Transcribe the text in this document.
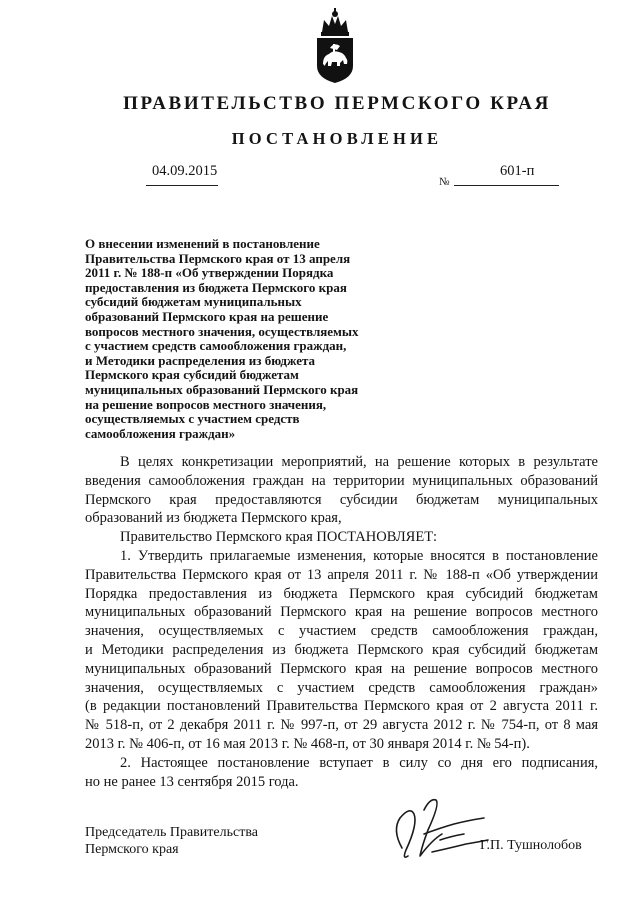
ПРАВИТЕЛЬСТВО ПЕРМСКОГО КРАЯ
ПОСТАНОВЛЕНИЕ
04.09.2015
№
601-п
О внесении изменений в постановление
Правительства Пермского края от 13 апреля
2011 г. № 188-п «Об утверждении Порядка
предоставления из бюджета Пермского края
субсидий бюджетам муниципальных
образований Пермского края на решение
вопросов местного значения, осуществляемых
с участием средств самообложения граждан,
и Методики распределения из бюджета
Пермского края субсидий бюджетам
муниципальных образований Пермского края
на решение вопросов местного значения,
осуществляемых с участием средств
самообложения граждан»
В целях конкретизации мероприятий, на решение которых в результате
введения самообложения граждан на территории муниципальных образований
Пермского края предоставляются субсидии бюджетам муниципальных
образований из бюджета Пермского края,
Правительство Пермского края ПОСТАНОВЛЯЕТ:
1. Утвердить прилагаемые изменения, которые вносятся в постановление
Правительства Пермского края от 13 апреля 2011 г. № 188-п «Об утверждении
Порядка предоставления из бюджета Пермского края субсидий бюджетам
муниципальных образований Пермского края на решение вопросов местного
значения, осуществляемых с участием средств самообложения граждан,
и Методики распределения из бюджета Пермского края субсидий бюджетам
муниципальных образований Пермского края на решение вопросов местного
значения, осуществляемых с участием средств самообложения граждан»
(в редакции постановлений Правительства Пермского края от 2 августа 2011 г.
№ 518-п, от 2 декабря 2011 г. № 997-п, от 29 августа 2012 г. № 754-п, от 8 мая
2013 г. № 406-п, от 16 мая 2013 г. № 468-п, от 30 января 2014 г. № 54-п).
2. Настоящее постановление вступает в силу со дня его подписания,
но не ранее 13 сентября 2015 года.
Председатель Правительства
Пермского края	Г.П. Тушнолобов
